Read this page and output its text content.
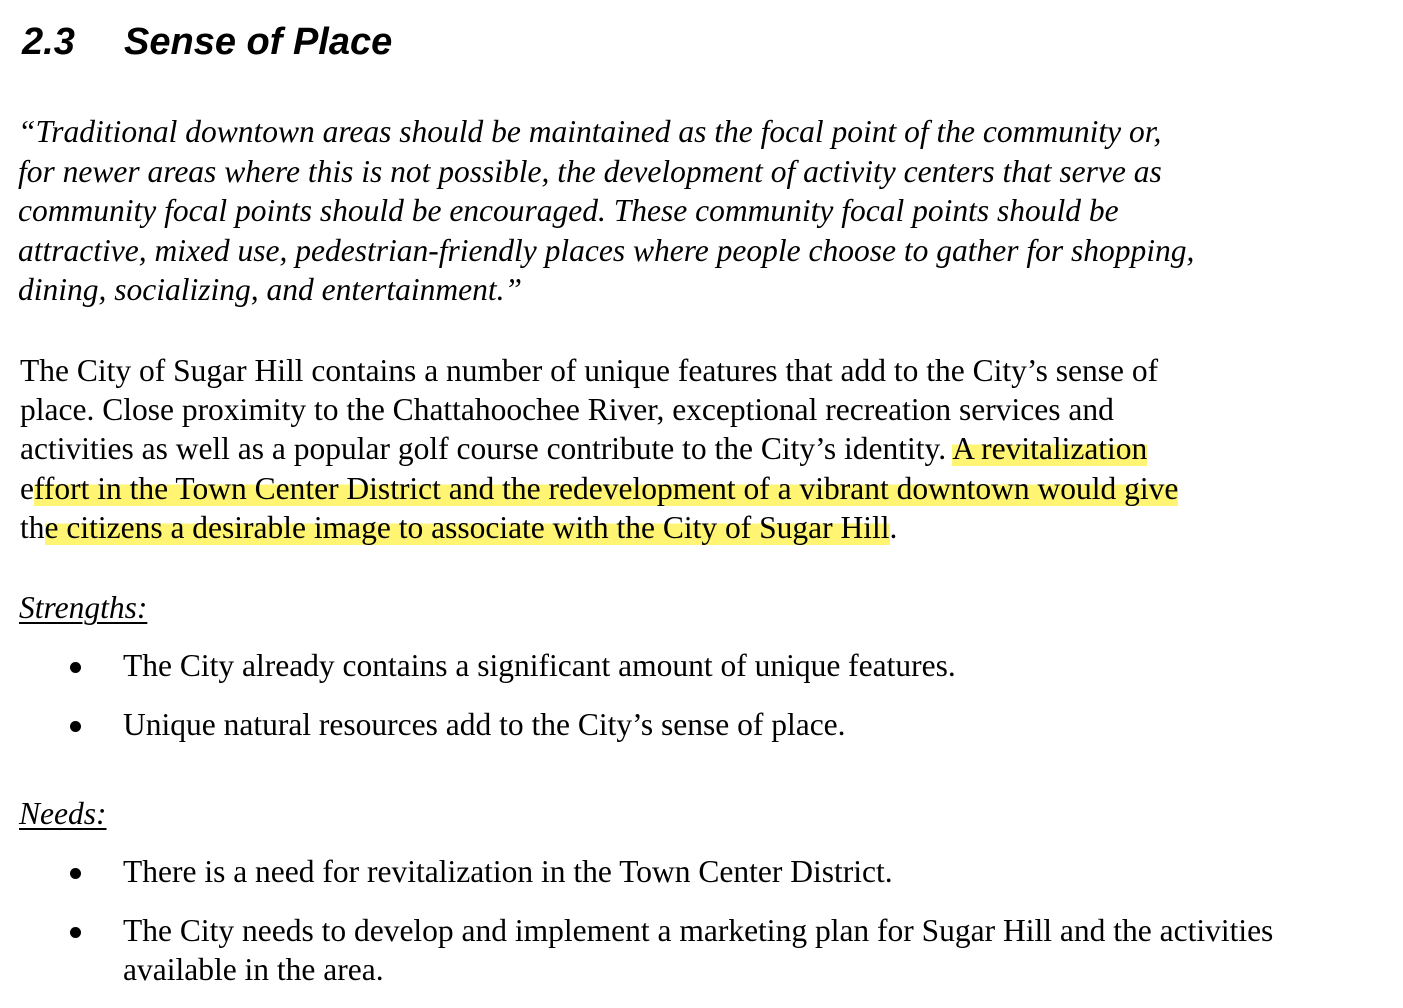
2.3 Sense of Place
“Traditional downtown areas should be maintained as the focal point of the community or,
for newer areas where this is not possible, the development of activity centers that serve as
community focal points should be encouraged. These community focal points should be
attractive, mixed use, pedestrian-friendly places where people choose to gather for shopping,
dining, socializing, and entertainment.”
The City of Sugar Hill contains a number of unique features that add to the City’s sense of
place. Close proximity to the Chattahoochee River, exceptional recreation services and
activities as well as a popular golf course contribute to the City’s identity. A revitalization
effort in the Town Center District and the redevelopment of a vibrant downtown would give
the citizens a desirable image to associate with the City of Sugar Hill.
Strengths:
The City already contains a significant amount of unique features.
Unique natural resources add to the City’s sense of place.
Needs:
There is a need for revitalization in the Town Center District.
The City needs to develop and implement a marketing plan for Sugar Hill and the activities available in the area.
